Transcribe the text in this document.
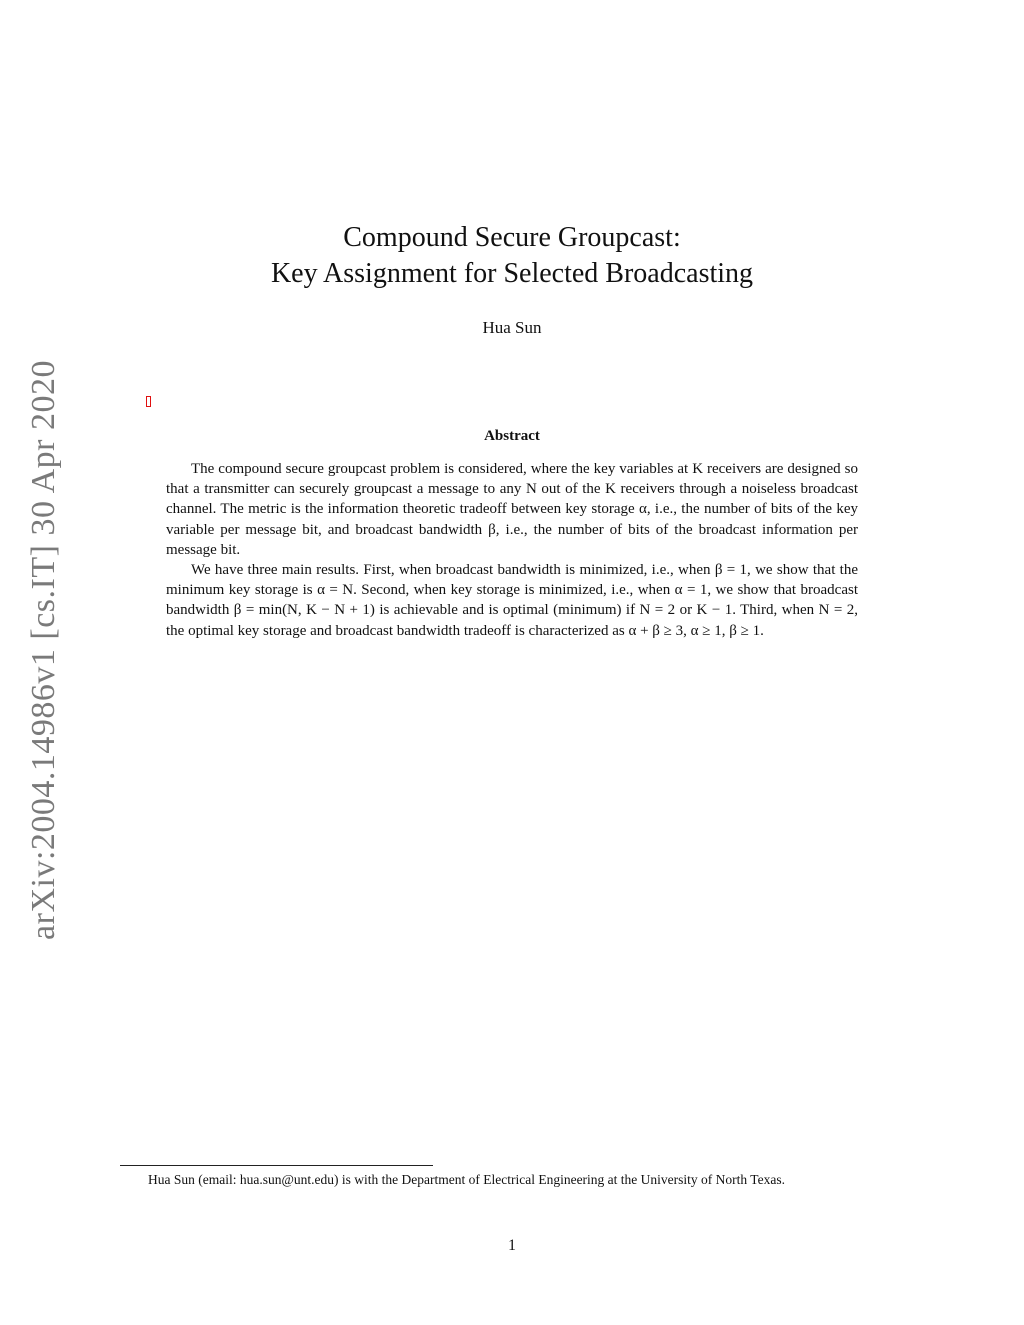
arXiv:2004.14986v1 [cs.IT] 30 Apr 2020
Compound Secure Groupcast:
Key Assignment for Selected Broadcasting
Hua Sun
Abstract

The compound secure groupcast problem is considered, where the key variables at K receivers are designed so that a transmitter can securely groupcast a message to any N out of the K receivers through a noiseless broadcast channel. The metric is the information theoretic tradeoff between key storage α, i.e., the number of bits of the key variable per message bit, and broadcast bandwidth β, i.e., the number of bits of the broadcast information per message bit.

We have three main results. First, when broadcast bandwidth is minimized, i.e., when β = 1, we show that the minimum key storage is α = N. Second, when key storage is minimized, i.e., when α = 1, we show that broadcast bandwidth β = min(N, K − N + 1) is achievable and is optimal (minimum) if N = 2 or K − 1. Third, when N = 2, the optimal key storage and broadcast bandwidth tradeoff is characterized as α + β ≥ 3, α ≥ 1, β ≥ 1.

Hua Sun (email: hua.sun@unt.edu) is with the Department of Electrical Engineering at the University of North Texas.
1
